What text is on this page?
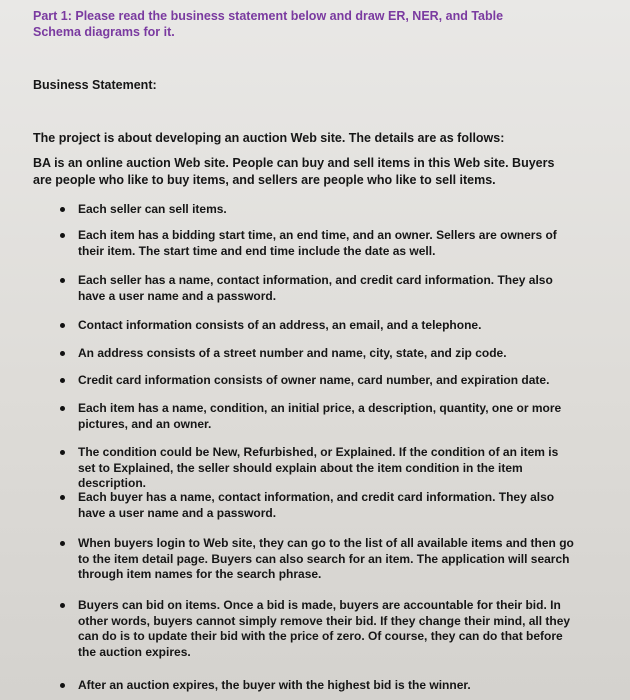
Part 1: Please read the business statement below and draw ER, NER, and Table Schema diagrams for it.
Business Statement:
The project is about developing an auction Web site. The details are as follows:
BA is an online auction Web site. People can buy and sell items in this Web site. Buyers are people who like to buy items, and sellers are people who like to sell items.
Each seller can sell items.
Each item has a bidding start time, an end time, and an owner. Sellers are owners of their item. The start time and end time include the date as well.
Each seller has a name, contact information, and credit card information. They also have a user name and a password.
Contact information consists of an address, an email, and a telephone.
An address consists of a street number and name, city, state, and zip code.
Credit card information consists of owner name, card number, and expiration date.
Each item has a name, condition, an initial price, a description, quantity, one or more pictures, and an owner.
The condition could be New, Refurbished, or Explained. If the condition of an item is set to Explained, the seller should explain about the item condition in the item description.
Each buyer has a name, contact information, and credit card information. They also have a user name and a password.
When buyers login to Web site, they can go to the list of all available items and then go to the item detail page. Buyers can also search for an item. The application will search through item names for the search phrase.
Buyers can bid on items. Once a bid is made, buyers are accountable for their bid. In other words, buyers cannot simply remove their bid. If they change their mind, all they can do is to update their bid with the price of zero. Of course, they can do that before the auction expires.
After an auction expires, the buyer with the highest bid is the winner.
